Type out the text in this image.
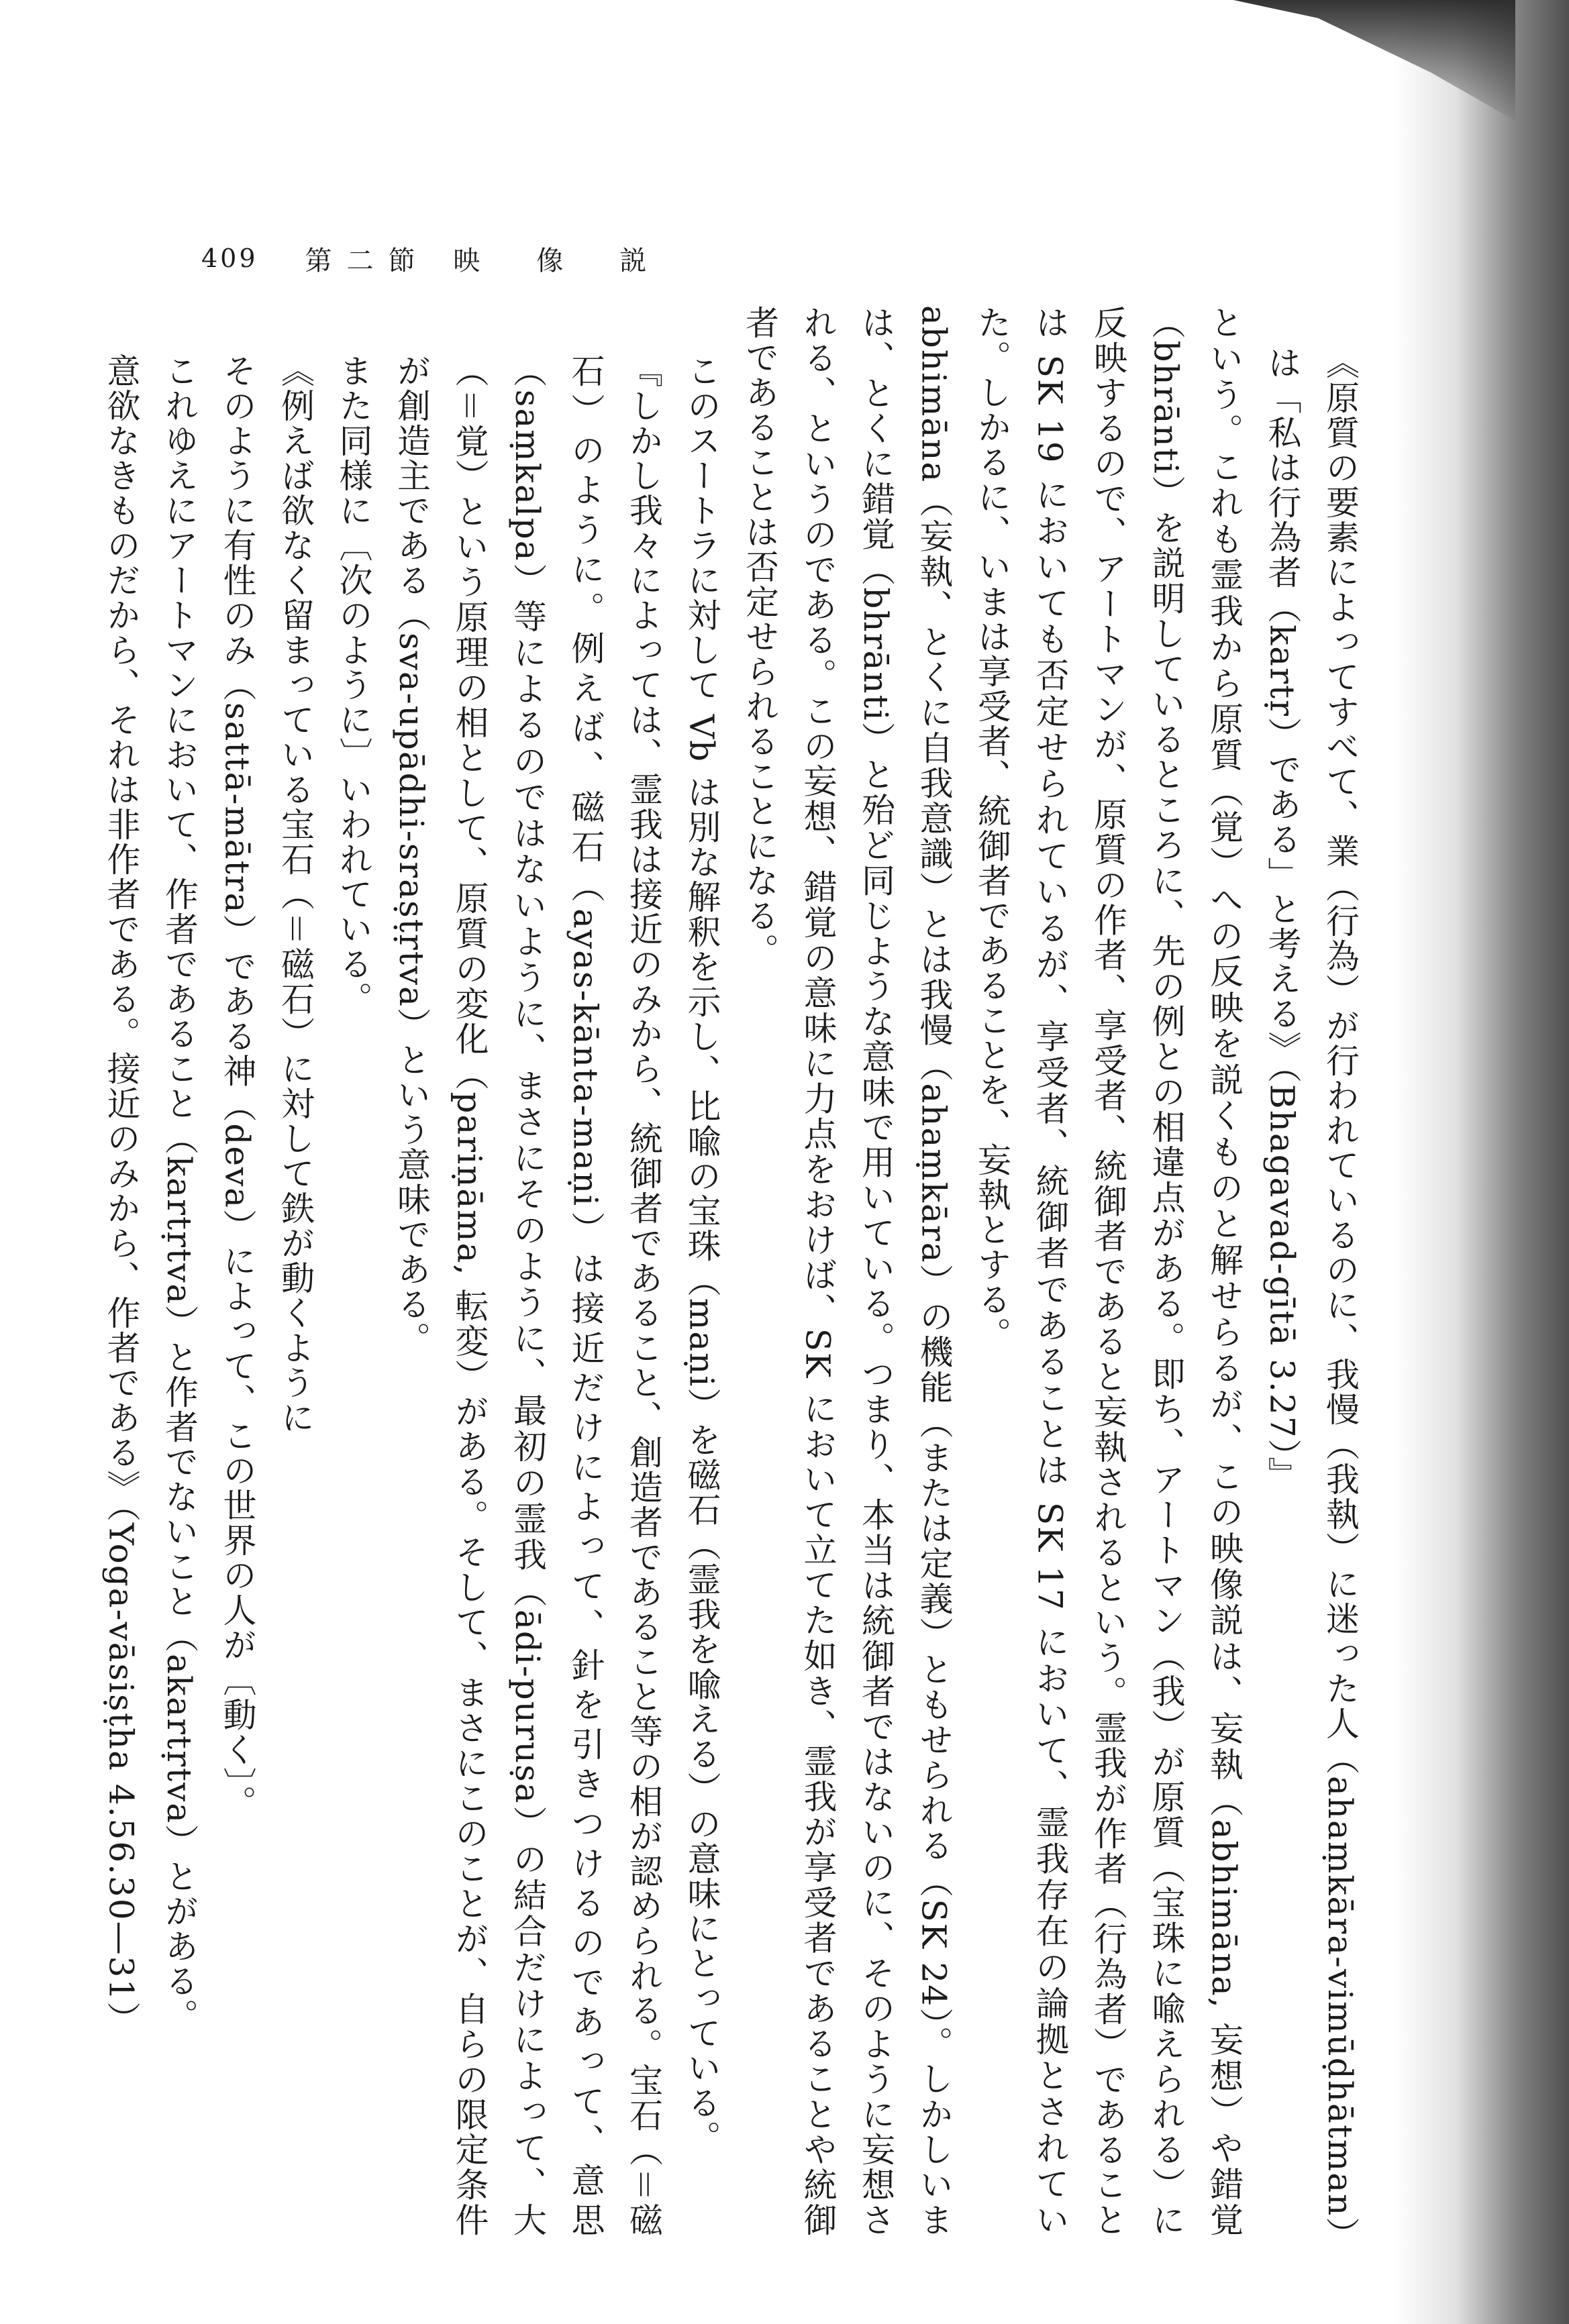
409 第二節 映　像　説

《原質の要素によってすべて、業（行為）が行われているのに、我慢（我執）に迷った人（ahaṃkāra-vimūḍhātman）

は「私は行為者（kartṛ）である」と考える》（Bhagavad-gītā 3.27）』

という。これも霊我から原質（覚）への反映を説くものと解せらるが、この映像説は、妄執（abhimāna, 妄想）や錯覚（bhrānti）を説明しているところに、先の例との相違点がある。即ち、アートマン（我）が原質（宝珠に喩えられる）に反映するので、アートマンが、原質の作者、享受者、統御者であると妄執されるという。霊我が作者（行為者）であることは SK 19 においても否定せられているが、享受者、統御者であることは SK 17 において、霊我存在の論拠とされていた。しかるに、いまは享受者、統御者であることを、妄執とする。

abhimāna（妄執、とくに自我意識）とは我慢（ahaṃkāra）の機能（または定義）ともせられる（SK 24）。しかしいまは、とくに錯覚（bhrānti）と殆ど同じような意味で用いている。つまり、本当は統御者ではないのに、そのように妄想される、というのである。この妄想、錯覚の意味に力点をおけば、SK において立てた如き、霊我が享受者であることや統御者であることは否定せられることになる。

このスートラに対して Vb は別な解釈を示し、比喩の宝珠（maṇi）を磁石（霊我を喩える）の意味にとっている。

『しかし我々によっては、霊我は接近のみから、統御者であること、創造者であること等の相が認められる。宝石（＝磁石）のように。例えば、磁石（ayas-kānta-maṇi）は接近だけによって、針を引きつけるのであって、意思（saṃkalpa）等によるのではないように、まさにそのように、最初の霊我（ādi-puruṣa）の結合だけによって、大（＝覚）という原理の相として、原質の変化（pariṇāma, 転変）がある。そして、まさにこのことが、自らの限定条件が創造主である（sva-upādhi-sraṣṭṛtva）という意味である。

また同様に〔次のように〕いわれている。

《例えば欲なく留まっている宝石（＝磁石）に対して鉄が動くように

そのように有性のみ（sattā-mātra）である神（deva）によって、この世界の人が〔動く〕。

これゆえにアートマンにおいて、作者であること（kartṛtva）と作者でないこと（akartṛtva）とがある。

意欲なきものだから、それは非作者である。接近のみから、作者である》（Yoga-vāsiṣṭha 4.56.30—31）
